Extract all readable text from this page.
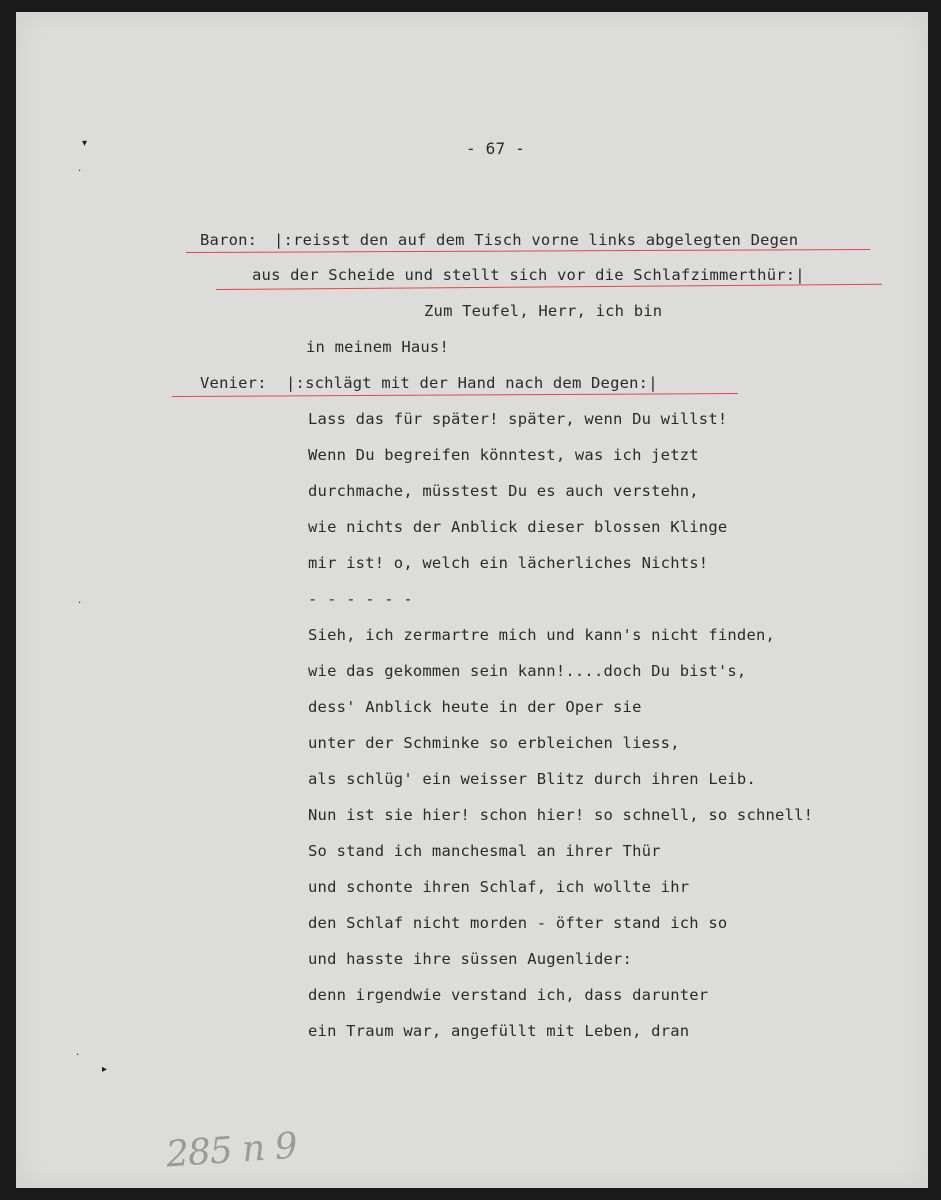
- 67 -
Baron: |:reisst den auf dem Tisch vorne links abgelegten Degen
aus der Scheide und stellt sich vor die Schlafzimmerthür:|
Zum Teufel, Herr, ich bin
in meinem Haus!
Venier: |:schlägt mit der Hand nach dem Degen:|
Lass das für später! später, wenn Du willst!
Wenn Du begreifen könntest, was ich jetzt
durchmache, müsstest Du es auch verstehn,
wie nichts der Anblick dieser blossen Klinge
mir ist! o, welch ein lächerliches Nichts!
- - - - - -
Sieh, ich zermartre mich und kann's nicht finden,
wie das gekommen sein kann!....doch Du bist's,
dess' Anblick heute in der Oper sie
unter der Schminke so erbleichen liess,
als schlüg' ein weisser Blitz durch ihren Leib.
Nun ist sie hier! schon hier! so schnell, so schnell!
So stand ich manchesmal an ihrer Thür
und schonte ihren Schlaf, ich wollte ihr
den Schlaf nicht morden - öfter stand ich so
und hasste ihre süssen Augenlider:
denn irgendwie verstand ich, dass darunter
ein Traum war, angefüllt mit Leben, dran
▾
·
·
·
▸
285 n 9
